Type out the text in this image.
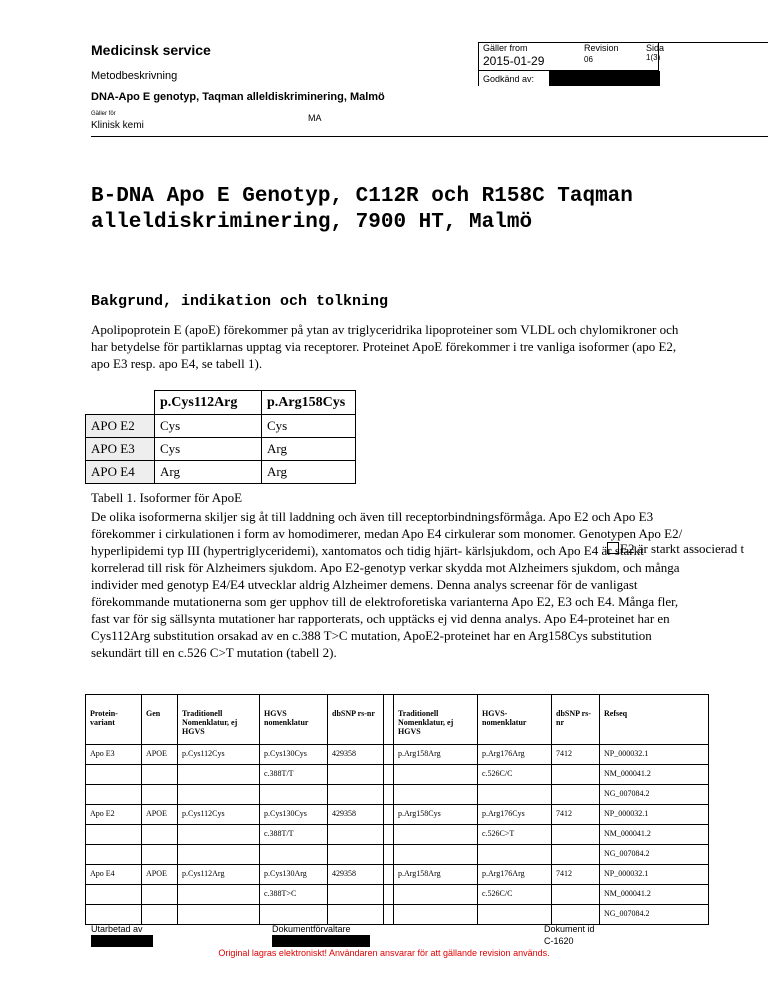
Medicinsk service
Metodbeskrivning
DNA-Apo E genotyp, Taqman alleldiskriminering, Malmö
Gäller för
Klinisk kemi
MA
Gäller from
2015-01-29
Revision
06
Sida
1(3)
Godkänd av:
B-DNA Apo E Genotyp, C112R och R158C Taqman alleldiskriminering, 7900 HT, Malmö
Bakgrund, indikation och tolkning
Apolipoprotein E (apoE) förekommer på ytan av triglyceridrika lipoproteiner som VLDL och chylomikroner och har betydelse för partiklarnas upptag via receptorer. Proteinet ApoE förekommer i tre vanliga isoformer (apo E2, apo E3 resp. apo E4, se tabell 1).
	p.Cys112Arg	p.Arg158Cys
APO E2	Cys	Cys
APO E3	Cys	Arg
APO E4	Arg	Arg
Tabell 1. Isoformer för ApoE
De olika isoformerna skiljer sig åt till laddning och även till receptorbindningsförmåga. Apo E2 och Apo E3 förekommer i cirkulationen i form av homodimerer, medan Apo E4 cirkulerar som monomer. Genotypen Apo E2/ hyperlipidemi typ III (hypertriglyceridemi), xantomatos och tidig hjärt- kärlsjukdom, och Apo E4 är starkt korrelerad till risk för Alzheimers sjukdom. Apo E2-genotyp verkar skydda mot Alzheimers sjukdom, och många individer med genotyp E4/E4 utvecklar aldrig Alzheimer demens. Denna analys screenar för de vanligast förekommande mutationerna som ger upphov till de elektroforetiska varianterna Apo E2, E3 och E4. Många fler, fast var för sig sällsynta mutationer har rapporterats, och upptäcks ej vid denna analys. Apo E4-proteinet har en Cys112Arg substitution orsakad av en c.388 T>C mutation, ApoE2-proteinet har en Arg158Cys substitution sekundärt till en c.526 C>T mutation (tabell 2).
E2 är starkt associerad t
Protein-variant	Gen	Traditionell Nomenklatur, ej HGVS	HGVS nomenklatur	dbSNP rs-nr		Traditionell Nomenklatur, ej HGVS	HGVS-nomenklatur	dbSNP rs-nr	Refseq
Apo E3	APOE	p.Cys112Cys	p.Cys130Cys	429358		p.Arg158Arg	p.Arg176Arg	7412	NP_000032.1
			c.388T/T				c.526C/C		NM_000041.2
									NG_007084.2
Apo E2	APOE	p.Cys112Cys	p.Cys130Cys	429358		p.Arg158Cys	p.Arg176Cys	7412	NP_000032.1
			c.388T/T				c.526C>T		NM_000041.2
									NG_007084.2
Apo E4	APOE	p.Cys112Arg	p.Cys130Arg	429358		p.Arg158Arg	p.Arg176Arg	7412	NP_000032.1
			c.388T>C				c.526C/C		NM_000041.2
									NG_007084.2
Utarbetad av	Dokumentförvaltare	Dokument id
C-1620
Original lagras elektroniskt! Användaren ansvarar för att gällande revision används.
